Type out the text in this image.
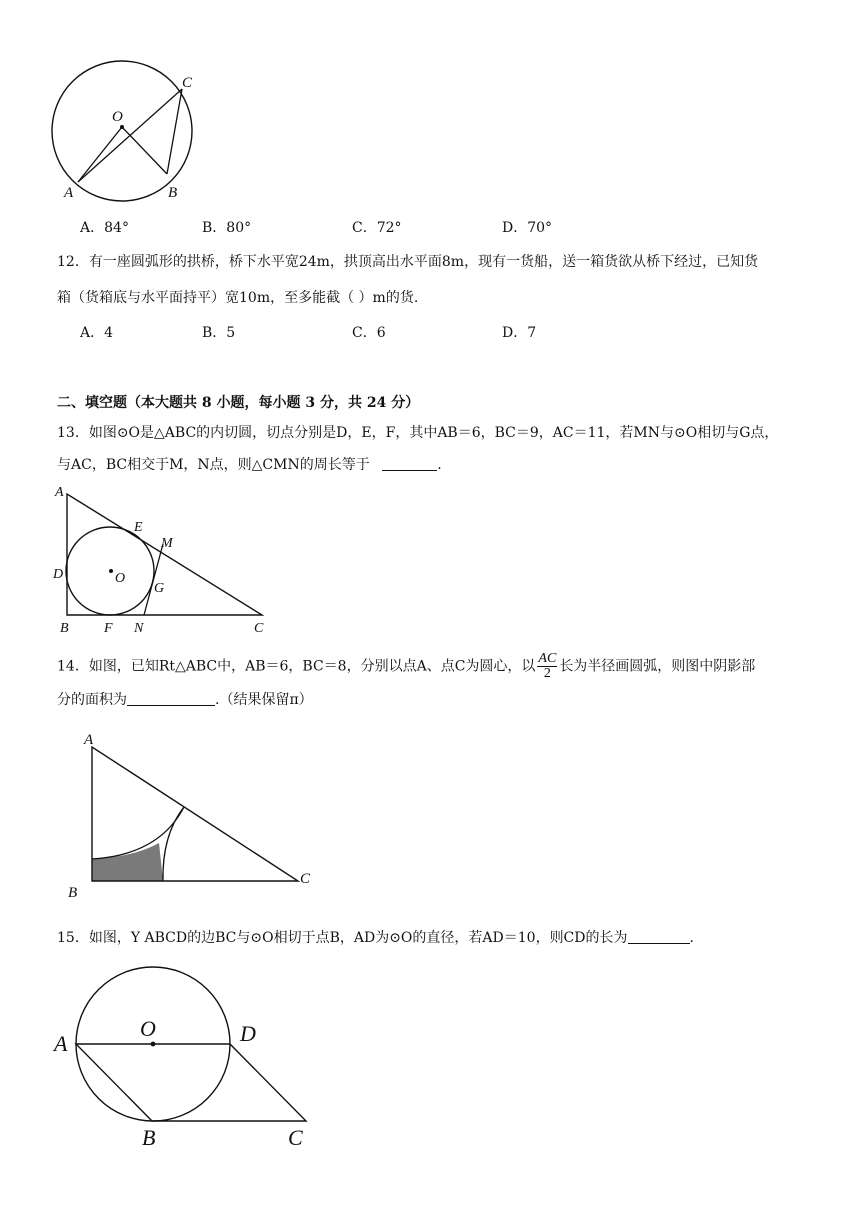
O
A	B
C
A．84°	B．80°	C．72°	D．70°
12．有一座圆弧形的拱桥，桥下水平宽24m，拱顶高出水平面8m，现有一货船，送一箱货欲从桥下经过，已知货
箱（货箱底与水平面持平）宽10m，至多能截（ ）m的货.
A．4	B．5	C．6	D．7
二、填空题（本大题共 8 小题，每小题 3 分，共 24 分）
13．如图⊙O是△ABC的内切圆，切点分别是D，E，F，其中AB＝6，BC＝9，AC＝11，若MN与⊙O相切与G点，
与AC，BC相交于M，N点，则△CMN的周长等于	.
A
D
B	F N	C
E
M
G
O
14．如图，已知Rt△ABC中，AB＝6，BC＝8，分别以点A、点C为圆心，以 $\frac{AC}{2}$ 长为半径画圆弧，则图中阴影部
分的面积为	.（结果保留π）
A
B
C
15．如图，Y ABCD的边BC与⊙O相切于点B，AD为⊙O的直径，若AD＝10，则CD的长为	.
O
A	D
B	C
